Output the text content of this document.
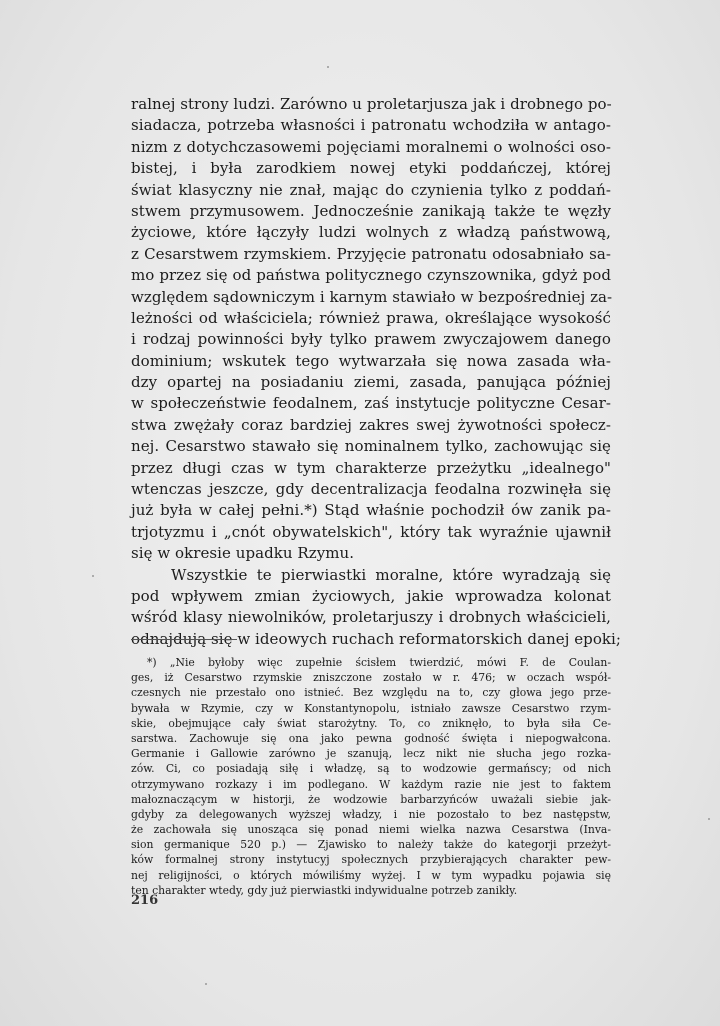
ralnej strony ludzi. Zarówno u proletarjusza jak i drobnego po-
siadacza, potrzeba własności i patronatu wchodziła w antago-
nizm z dotychczasowemi pojęciami moralnemi o wolności oso-
bistej, i była zarodkiem nowej etyki poddańczej, której
świat klasyczny nie znał, mając do czynienia tylko z poddań-
stwem przymusowem. Jednocześnie zanikają także te węzły
życiowe, które łączyły ludzi wolnych z władzą państwową,
z Cesarstwem rzymskiem. Przyjęcie patronatu odosabniało sa-
mo przez się od państwa politycznego czynszownika, gdyż pod
względem sądowniczym i karnym stawiało w bezpośredniej za-
leżności od właściciela; również prawa, określające wysokość
i rodzaj powinności były tylko prawem zwyczajowem danego
dominium; wskutek tego wytwarzała się nowa zasada wła-
dzy opartej na posiadaniu ziemi, zasada, panująca później
w społeczeństwie feodalnem, zaś instytucje polityczne Cesar-
stwa zwężały coraz bardziej zakres swej żywotności społecz-
nej. Cesarstwo stawało się nominalnem tylko, zachowując się
przez długi czas w tym charakterze przeżytku „idealnego"
wtenczas jeszcze, gdy decentralizacja feodalna rozwinęła się
już była w całej pełni.*) Stąd właśnie pochodził ów zanik pa-
trjotyzmu i „cnót obywatelskich", który tak wyraźnie ujawnił
się w okresie upadku Rzymu.
Wszystkie te pierwiastki moralne, które wyradzają się
pod wpływem zmian życiowych, jakie wprowadza kolonat
wśród klasy niewolników, proletarjuszy i drobnych właścicieli,
odnajdują się w ideowych ruchach reformatorskich danej epoki;
*) „Nie byłoby więc zupełnie ścisłem twierdzić, mówi F. de Coulan-
ges, iż Cesarstwo rzymskie zniszczone zostało w r. 476; w oczach współ-
czesnych nie przestało ono istnieć. Bez względu na to, czy głowa jego prze-
bywała w Rzymie, czy w Konstantynopolu, istniało zawsze Cesarstwo rzym-
skie, obejmujące cały świat starożytny. To, co zniknęło, to była siła Ce-
sarstwa. Zachowuje się ona jako pewna godność święta i niepogwałcona.
Germanie i Gallowie zarówno je szanują, lecz nikt nie słucha jego rozka-
zów. Ci, co posiadają siłę i władzę, są to wodzowie germańscy; od nich
otrzymywano rozkazy i im podlegano. W każdym razie nie jest to faktem
małoznaczącym w historji, że wodzowie barbarzyńców uważali siebie jak-
gdyby za delegowanych wyższej władzy, i nie pozostało to bez następstw,
że zachowała się unosząca się ponad niemi wielka nazwa Cesarstwa (Inva-
sion germanique 520 p.) — Zjawisko to należy także do kategorji przeżyt-
ków formalnej strony instytucyj społecznych przybierających charakter pew-
nej religijności, o których mówiliśmy wyżej. I w tym wypadku pojawia się
ten charakter wtedy, gdy już pierwiastki indywidualne potrzeb zanikły.
216
